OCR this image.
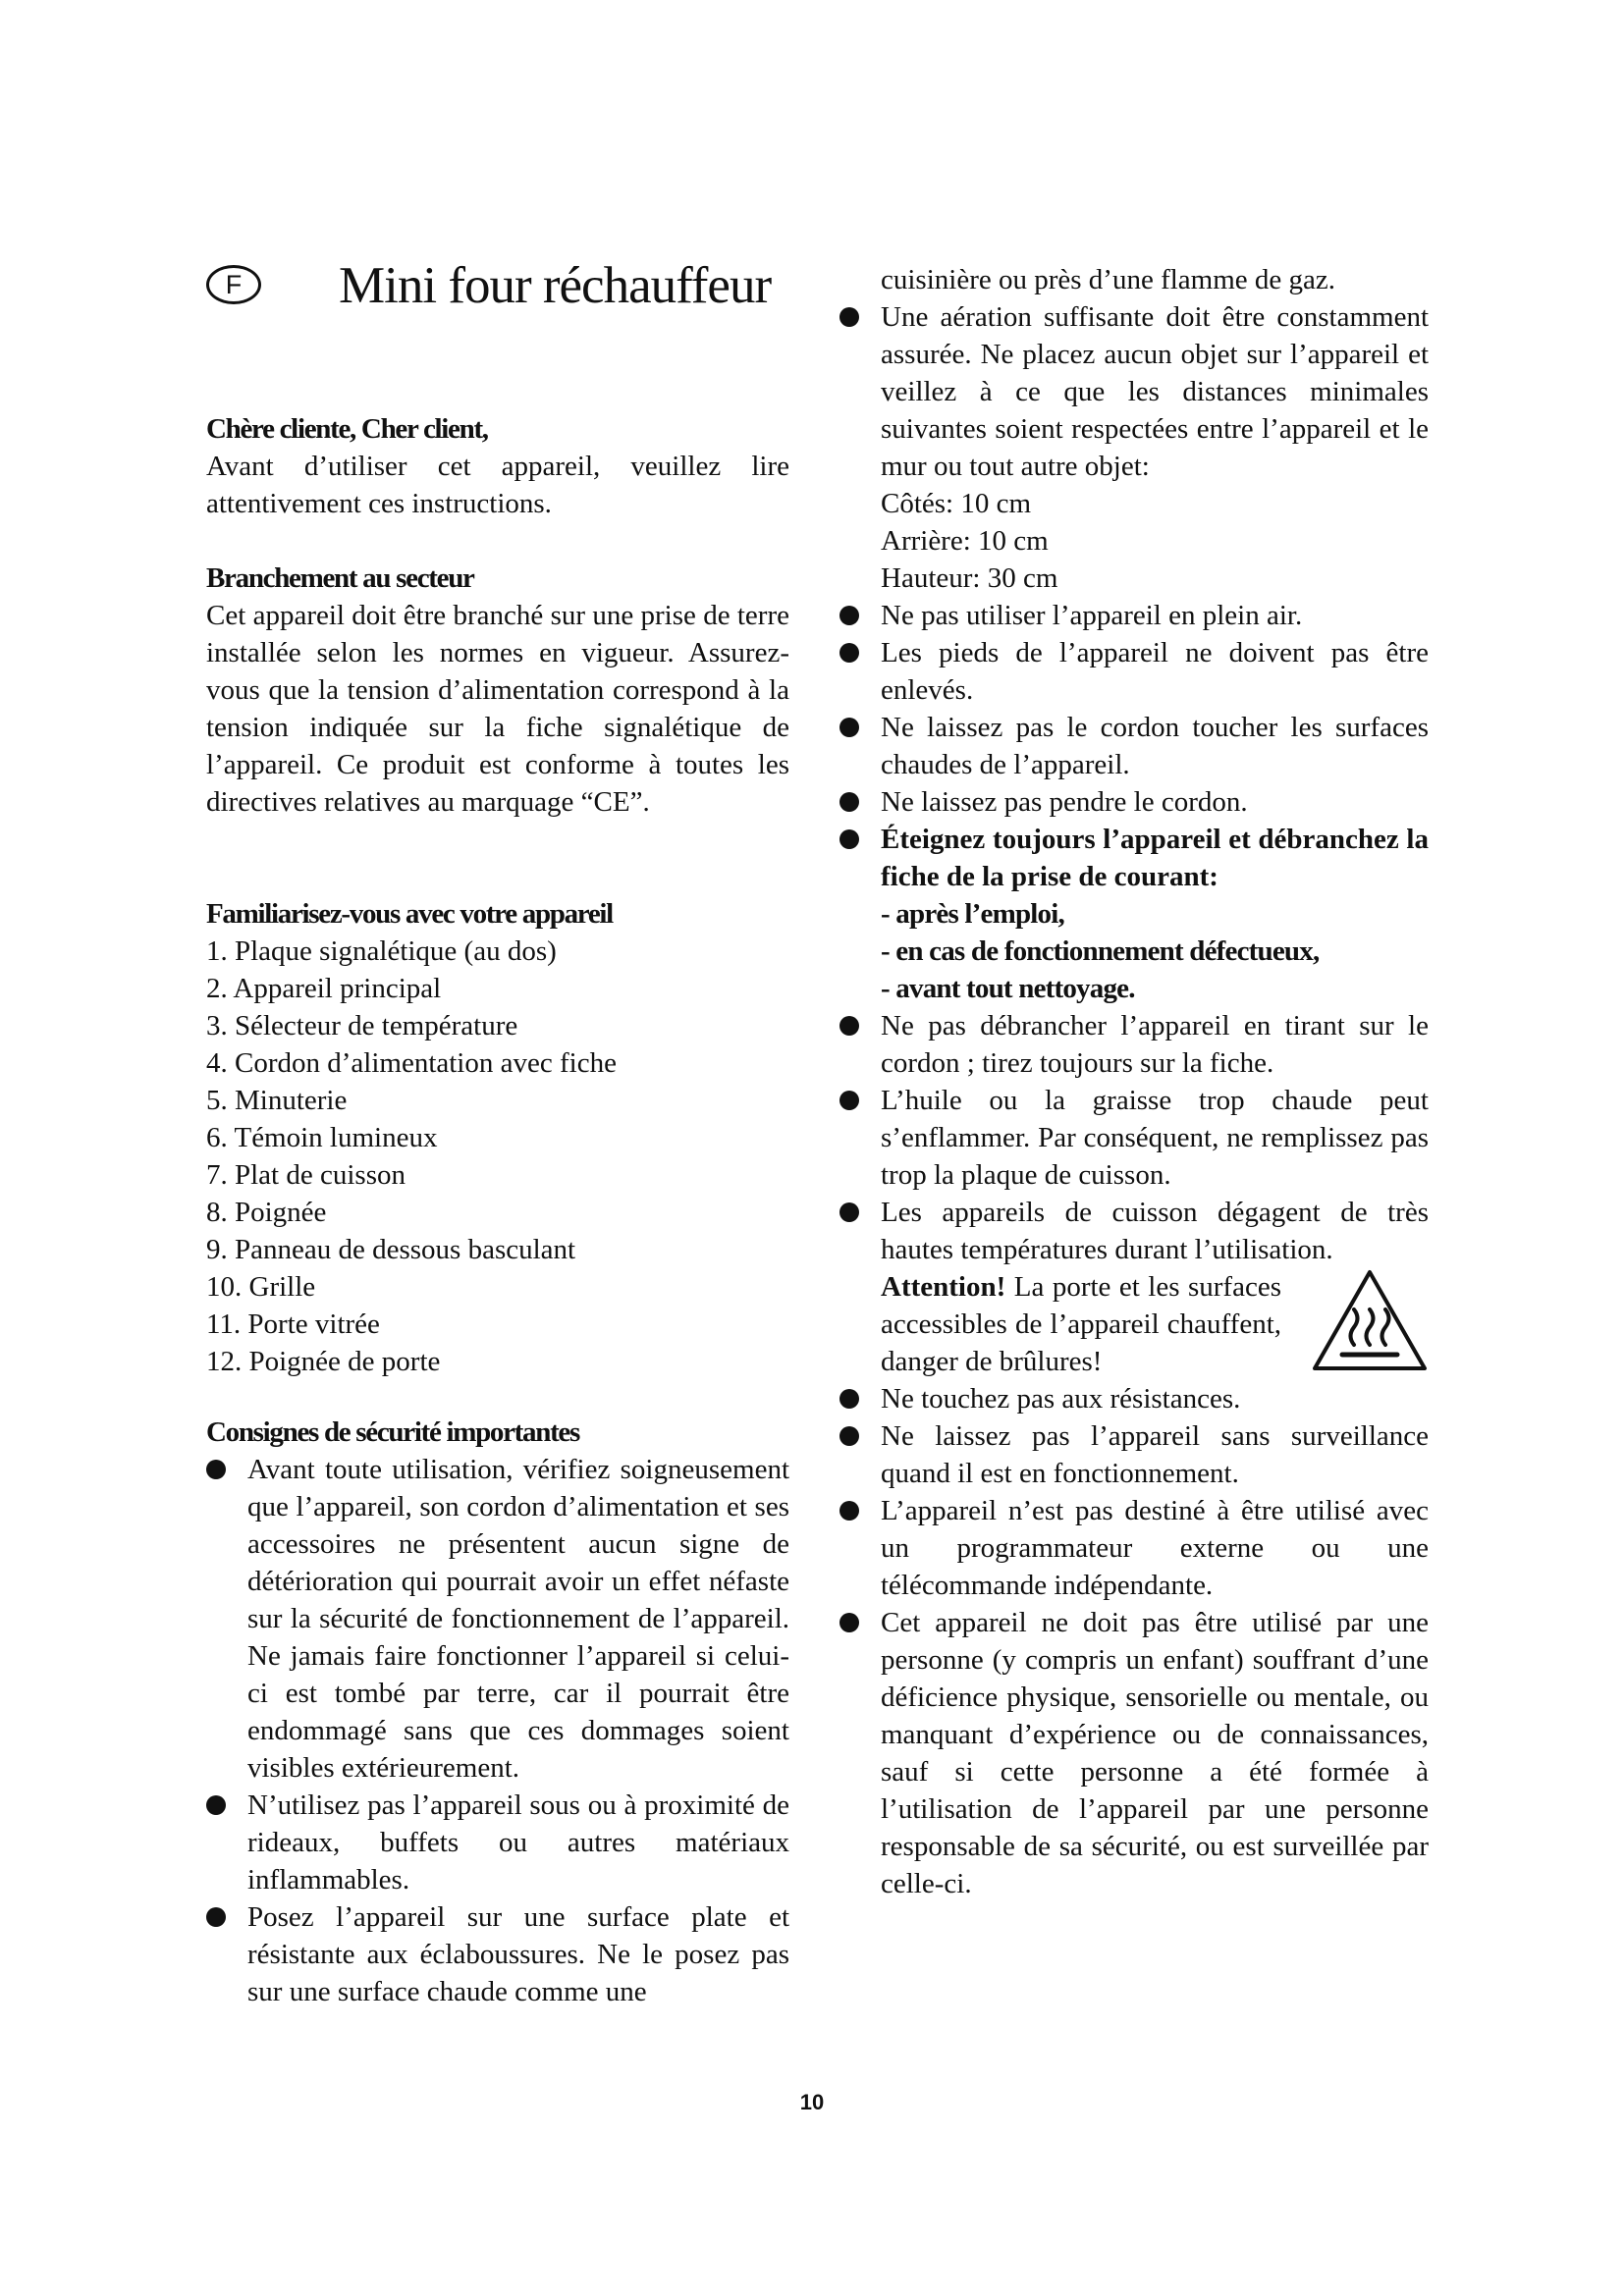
F Mini four réchauffeur
Chère cliente, Cher client,
Avant d’utiliser cet appareil, veuillez lire attentivement ces instructions.
Branchement au secteur
Cet appareil doit être branché sur une prise de terre installée selon les normes en vigueur. Assurez-vous que la tension d’alimentation correspond à la tension indiquée sur la fiche signalétique de l’appareil. Ce produit est conforme à toutes les directives relatives au marquage “CE”.
Familiarisez-vous avec votre appareil
1. Plaque signalétique (au dos)
2. Appareil principal
3. Sélecteur de température
4. Cordon d’alimentation avec fiche
5. Minuterie
6. Témoin lumineux
7. Plat de cuisson
8. Poignée
9. Panneau de dessous basculant
10. Grille
11. Porte vitrée
12. Poignée de porte
Consignes de sécurité importantes
Avant toute utilisation, vérifiez soigneusement que l’appareil, son cordon d’alimentation et ses accessoires ne présentent aucun signe de détérioration qui pourrait avoir un effet néfaste sur la sécurité de fonctionnement de l’appareil. Ne jamais faire fonctionner l’appareil si celui-ci est tombé par terre, car il pourrait être endommagé sans que ces dommages soient visibles extérieurement.
N’utilisez pas l’appareil sous ou à proximité de rideaux, buffets ou autres matériaux inflammables.
Posez l’appareil sur une surface plate et résistante aux éclaboussures. Ne le posez pas sur une surface chaude comme une
cuisinière ou près d’une flamme de gaz.
Une aération suffisante doit être constamment assurée. Ne placez aucun objet sur l’appareil et veillez à ce que les distances minimales suivantes soient respectées entre l’appareil et le mur ou tout autre objet:
Côtés: 10 cm
Arrière: 10 cm
Hauteur: 30 cm
Ne pas utiliser l’appareil en plein air.
Les pieds de l’appareil ne doivent pas être enlevés.
Ne laissez pas le cordon toucher les surfaces chaudes de l’appareil.
Ne laissez pas pendre le cordon.
Éteignez toujours l’appareil et débranchez la fiche de la prise de courant:
- après l’emploi,
- en cas de fonctionnement défectueux,
- avant tout nettoyage.
Ne pas débrancher l’appareil en tirant sur le cordon ; tirez toujours sur la fiche.
L’huile ou la graisse trop chaude peut s’enflammer. Par conséquent, ne remplissez pas trop la plaque de cuisson.
Les appareils de cuisson dégagent de très hautes températures durant l’utilisation.
Attention! La porte et les surfaces accessibles de l’appareil chauffent, danger de brûlures!
Ne touchez pas aux résistances.
Ne laissez pas l’appareil sans surveillance quand il est en fonctionnement.
L’appareil n’est pas destiné à être utilisé avec un programmateur externe ou une télécommande indépendante.
Cet appareil ne doit pas être utilisé par une personne (y compris un enfant) souffrant d’une déficience physique, sensorielle ou mentale, ou manquant d’expérience ou de connaissances, sauf si cette personne a été formée à l’utilisation de l’appareil par une personne responsable de sa sécurité, ou est surveillée par celle-ci.
10
